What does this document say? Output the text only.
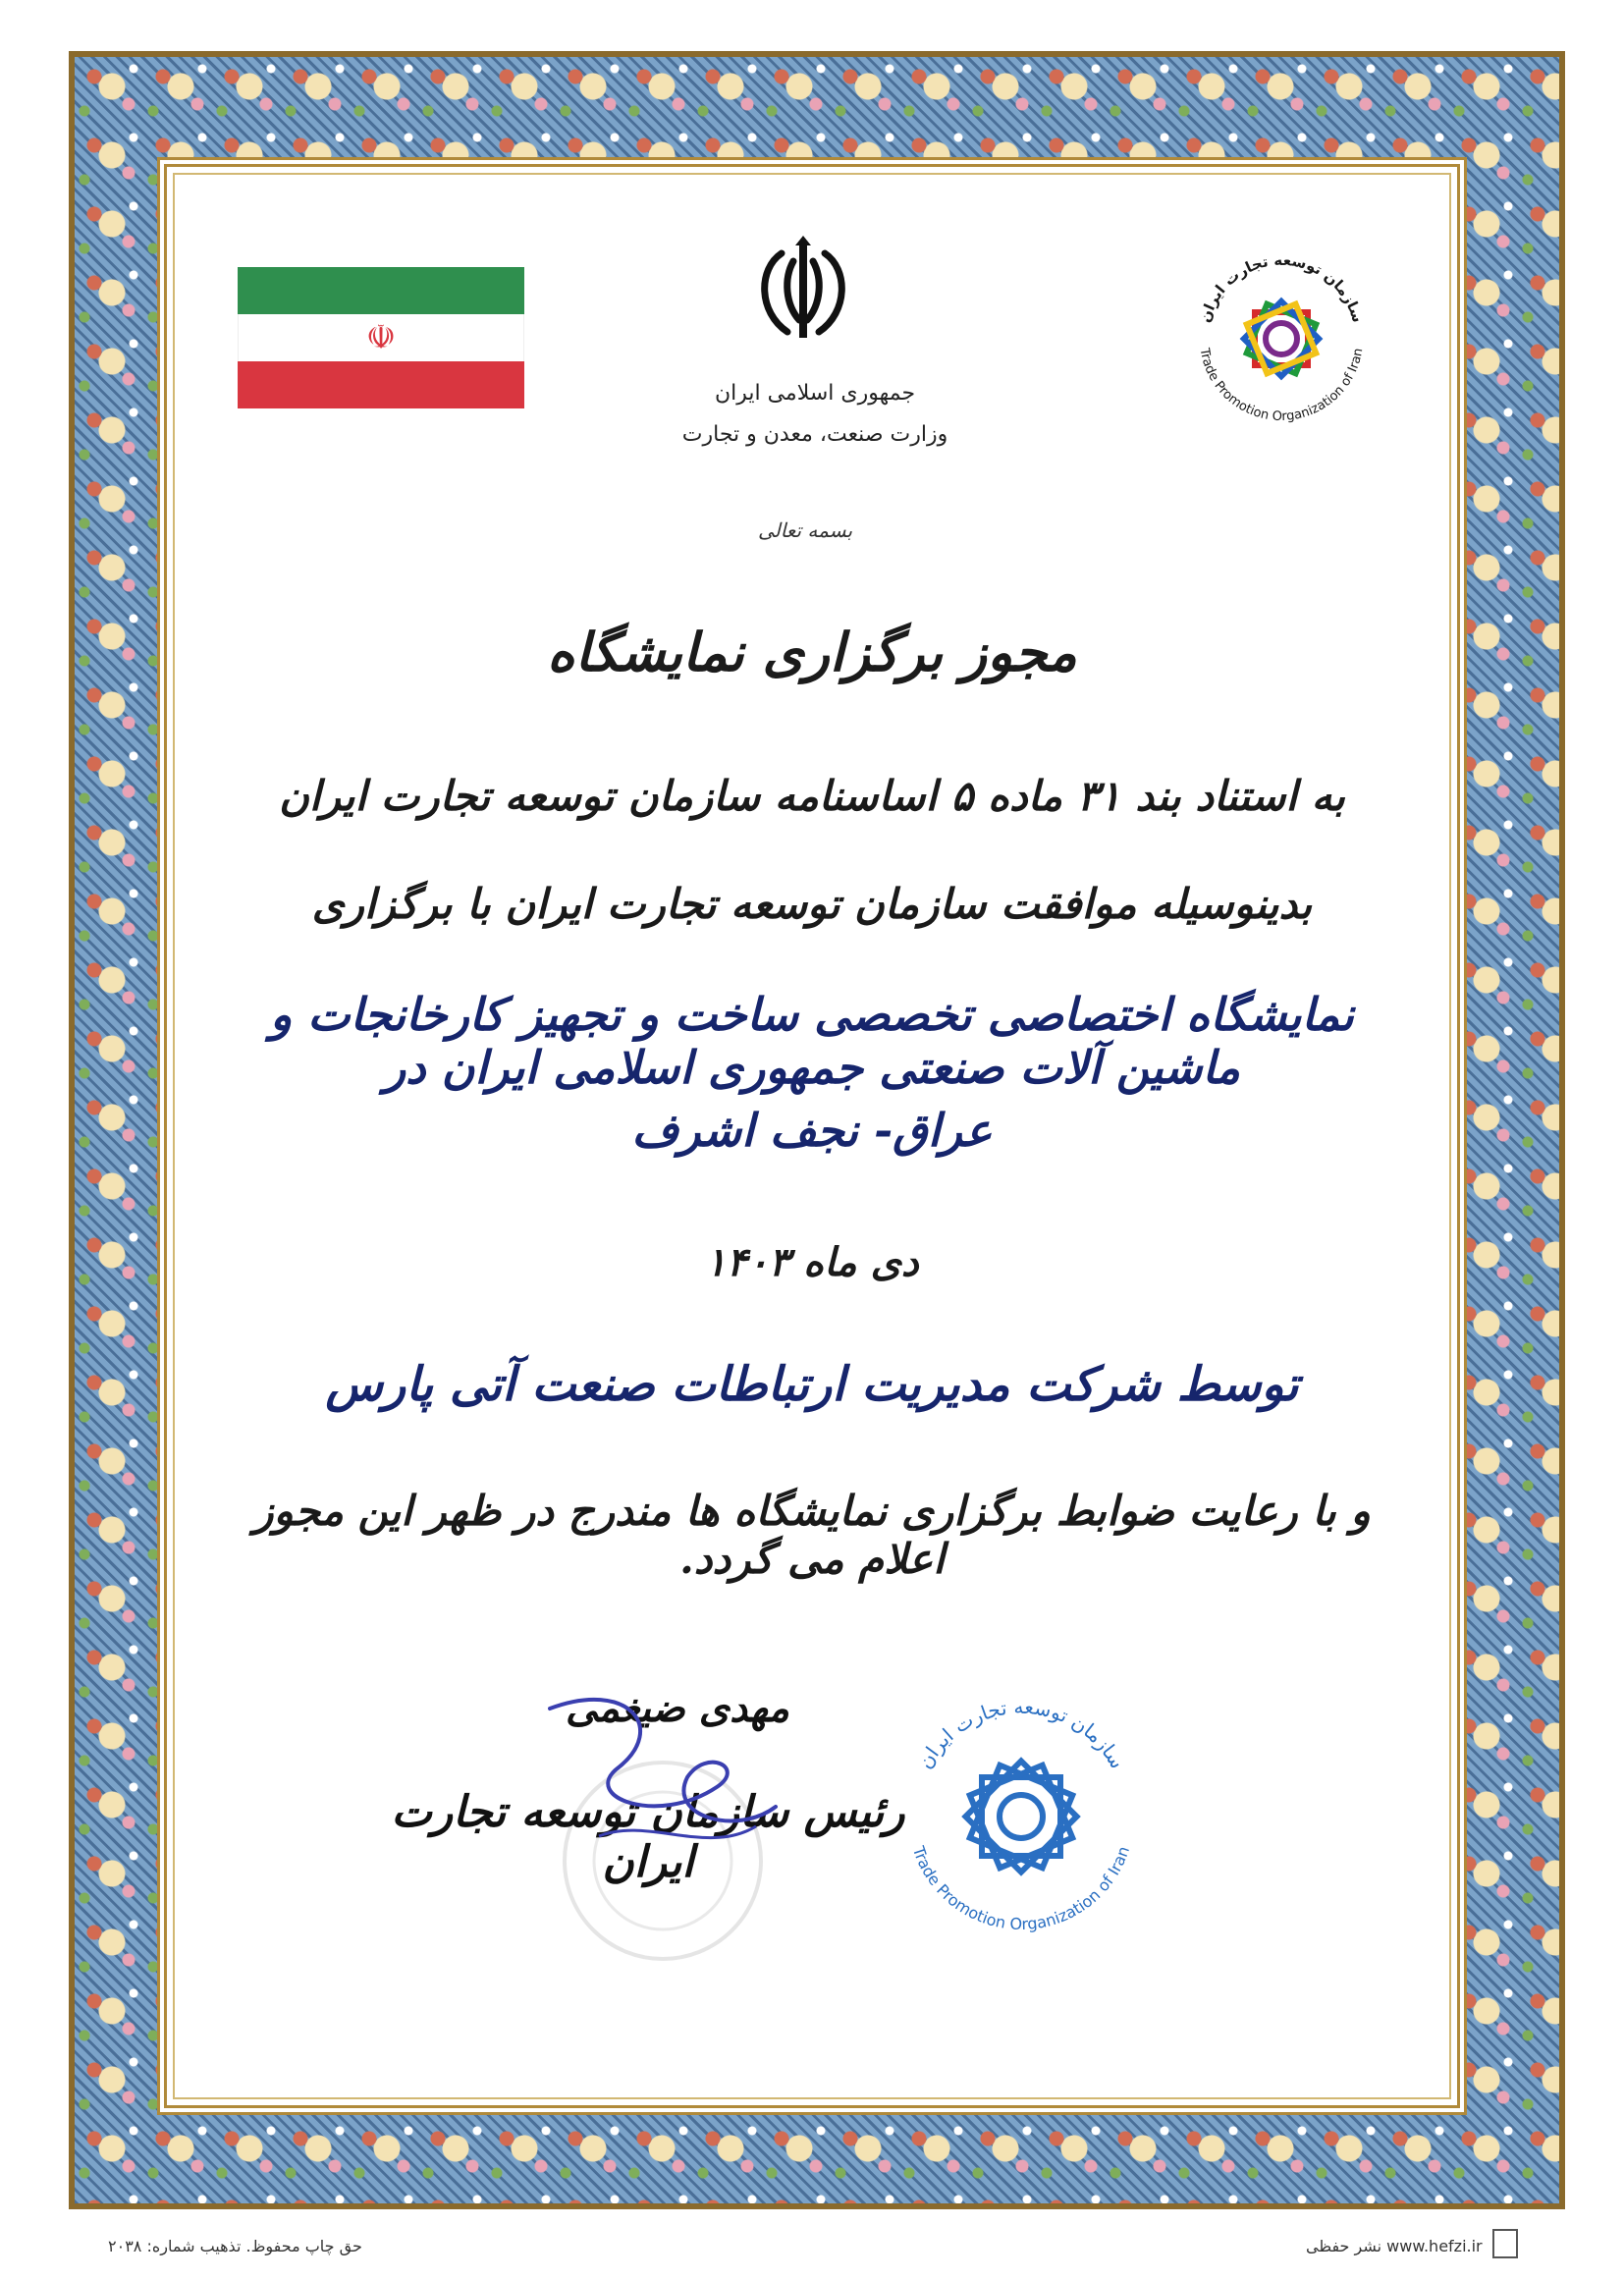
☫
جمهوری اسلامی ایران
وزارت صنعت، معدن و تجارت
سازمان توسعه تجارت ایران
Trade Promotion Organization of Iran
بسمه تعالی
مجوز برگزاری نمایشگاه
به استناد بند ۳۱ ماده ۵ اساسنامه سازمان توسعه تجارت ایران
بدینوسیله موافقت سازمان توسعه تجارت ایران با برگزاری
نمایشگاه اختصاصی تخصصی ساخت و تجهیز کارخانجات و ماشین آلات صنعتی جمهوری اسلامی ایران در
عراق- نجف اشرف
دی ماه ۱۴۰۳
توسط شرکت مدیریت ارتباطات صنعت آتی پارس
و با رعایت ضوابط برگزاری نمایشگاه ها مندرج در ظهر این مجوز اعلام می گردد.
مهدی ضیغمی
رئیس سازمان توسعه تجارت ایران
سازمان توسعه تجارت ایران
Trade Promotion Organization of Iran
حق چاپ محفوظ. تذهیب شماره: ۲۰۳۸	www.hefzi.ir نشر حفظی
